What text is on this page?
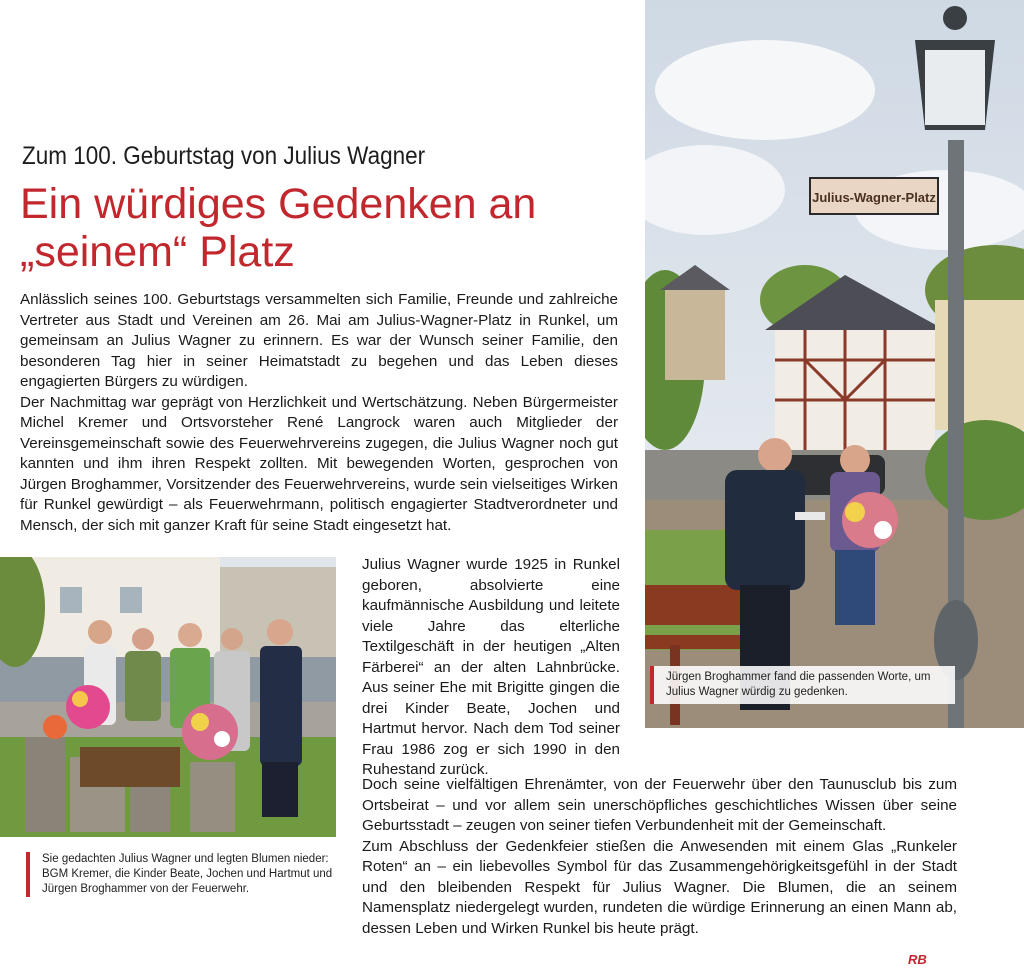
Zum 100. Geburtstag von Julius Wagner
Ein würdiges Gedenken an
„seinem“ Platz

Anlässlich seines 100. Geburtstags versammelten sich Familie, Freunde und zahlreiche Vertreter aus Stadt und Vereinen am 26. Mai am Julius-Wagner-Platz in Runkel, um gemeinsam an Julius Wagner zu erinnern. Es war der Wunsch seiner Familie, den besonderen Tag hier in seiner Heimatstadt zu begehen und das Leben dieses engagierten Bürgers zu würdigen.

Der Nachmittag war geprägt von Herzlichkeit und Wertschätzung. Neben Bürgermeister Michel Kremer und Ortsvorsteher René Langrock waren auch Mitglieder der Vereinsgemeinschaft sowie des Feuerwehrvereins zugegen, die Julius Wagner noch gut kannten und ihm ihren Respekt zollten. Mit bewegenden Worten, gesprochen von Jürgen Broghammer, Vorsitzender des Feuerwehrvereins, wurde sein vielseitiges Wirken für Runkel gewürdigt – als Feuerwehrmann, politisch engagierter Stadtverordneter und Mensch, der sich mit ganzer Kraft für seine Stadt eingesetzt hat.

Julius-Wagner-Platz
Jürgen Broghammer fand die passenden Worte, um Julius Wagner würdig zu gedenken.
Sie gedachten Julius Wagner und legten Blumen nieder: BGM Kremer, die Kinder Beate, Jochen und Hartmut und Jürgen Broghammer von der Feuerwehr.

Julius Wagner wurde 1925 in Runkel geboren, absolvierte eine kaufmännische Ausbildung und leitete viele Jahre das elterliche Textilgeschäft in der heutigen „Alten Färberei“ an der alten Lahnbrücke. Aus seiner Ehe mit Brigitte gingen die drei Kinder Beate, Jochen und Hartmut hervor. Nach dem Tod seiner Frau 1986 zog er sich 1990 in den Ruhestand zurück.

Doch seine vielfältigen Ehrenämter, von der Feuerwehr über den Taunusclub bis zum Ortsbeirat – und vor allem sein unerschöpfliches geschichtliches Wissen über seine Geburtsstadt – zeugen von seiner tiefen Verbundenheit mit der Gemeinschaft.

Zum Abschluss der Gedenkfeier stießen die Anwesenden mit einem Glas „Runkeler Roten“ an – ein liebevolles Symbol für das Zusammengehörigkeitsgefühl in der Stadt und den bleibenden Respekt für Julius Wagner. Die Blumen, die an seinem Namensplatz niedergelegt wurden, rundeten die würdige Erinnerung an einen Mann ab, dessen Leben und Wirken Runkel bis heute prägt.

RB
